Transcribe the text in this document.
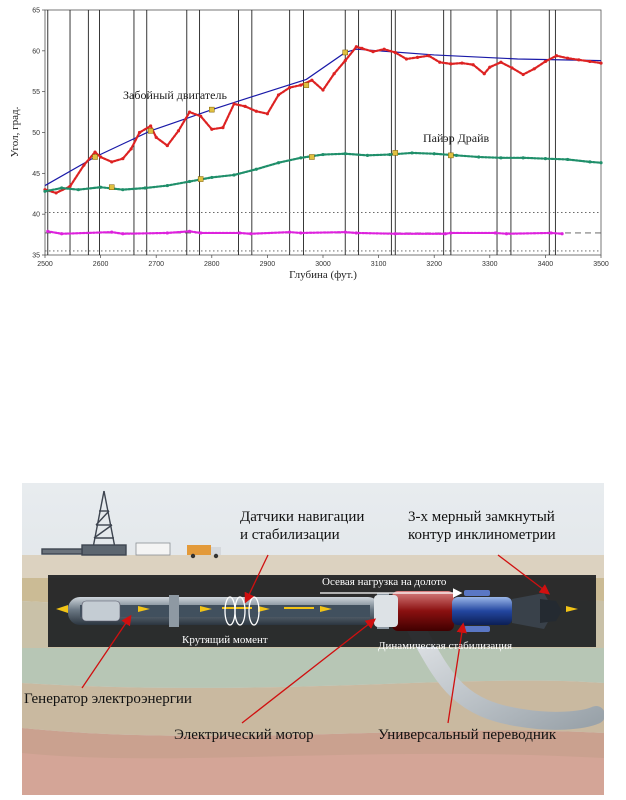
2500	2600	2700	2800	2900	3000	3100	3200	3300	3400	3500
35
40
45
50
55
60
65
Глубина (фут.)
Угол, град.
Забойный двигатель
Пайэр Драйв
Датчики навигации
и стабилизации
3-х мерный замкнутый
контур инклинометрии
Осевая нагрузка на долото
Крутящий момент	Динамическая стабилизация
Генератор электроэнергии
Электрический мотор	Универсальный переводник
